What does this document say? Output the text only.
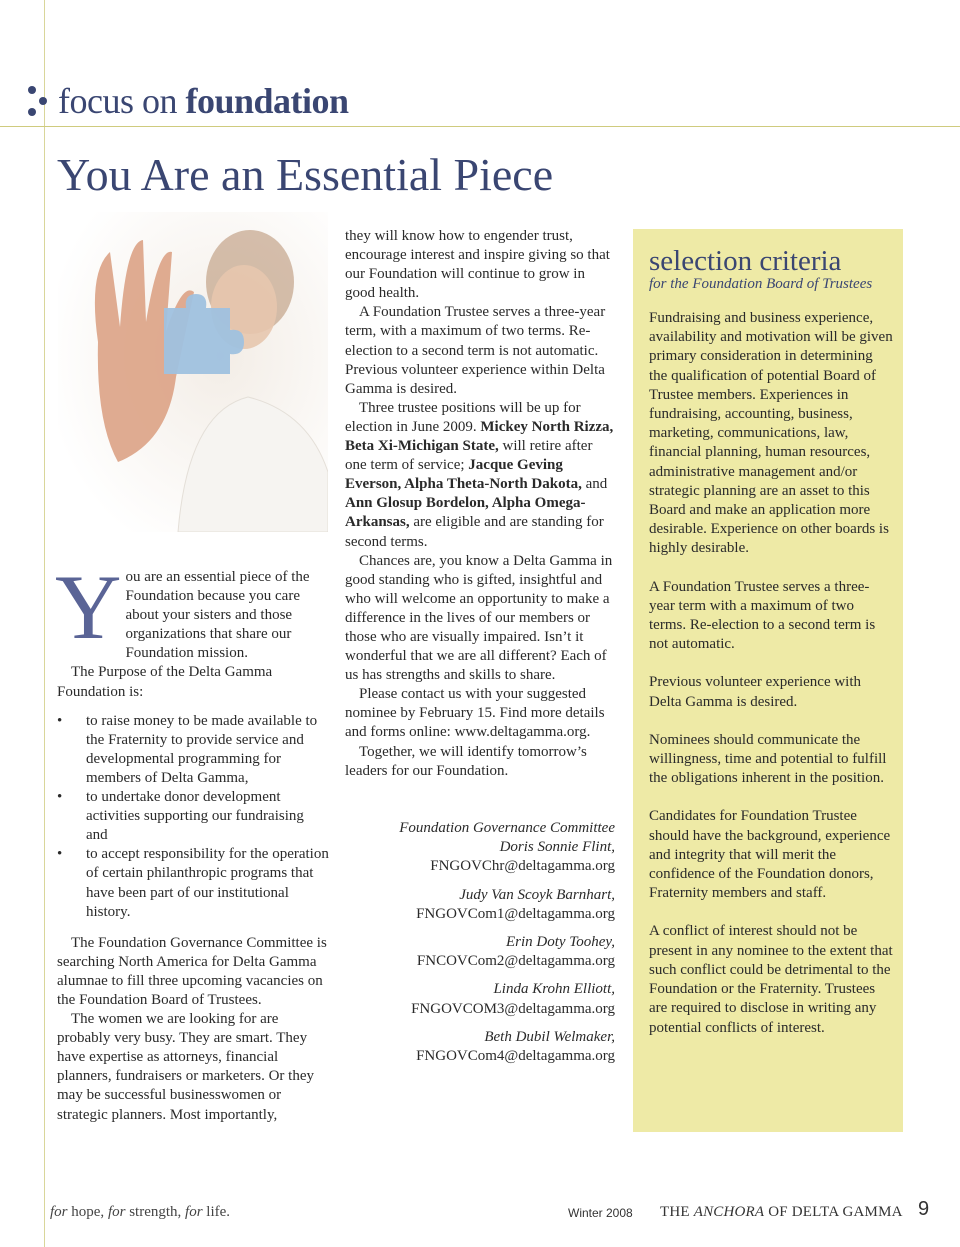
focus on foundation
You Are an Essential Piece
Y ou are an essential piece of the Foundation because you care about your sisters and those organizations that share our Foundation mission.

The Purpose of the Delta Gamma Foundation is:

• to raise money to be made available to the Fraternity to provide service and developmental programming for members of Delta Gamma,
• to undertake donor development activities supporting our fundraising and
• to accept responsibility for the operation of certain philanthropic programs that have been part of our institutional history.

The Foundation Governance Committee is searching North America for Delta Gamma alumnae to fill three upcoming vacancies on the Foundation Board of Trustees.

The women we are looking for are probably very busy. They are smart. They have expertise as attorneys, financial planners, fundraisers or marketers. Or they may be successful businesswomen or strategic planners. Most importantly,

they will know how to engender trust, encourage interest and inspire giving so that our Foundation will continue to grow in good health.

A Foundation Trustee serves a three-year term, with a maximum of two terms. Re-election to a second term is not automatic. Previous volunteer experience within Delta Gamma is desired.

Three trustee positions will be up for election in June 2009. Mickey North Rizza, Beta Xi-Michigan State, will retire after one term of service; Jacque Geving Everson, Alpha Theta-North Dakota, and Ann Glosup Bordelon, Alpha Omega-Arkansas, are eligible and are standing for second terms.

Chances are, you know a Delta Gamma in good standing who is gifted, insightful and who will welcome an opportunity to make a difference in the lives of our members or those who are visually impaired. Isn’t it wonderful that we are all different? Each of us has strengths and skills to share.

Please contact us with your suggested nominee by February 15. Find more details and forms online: www.deltagamma.org.

Together, we will identify tomorrow’s leaders for our Foundation.

Foundation Governance Committee
Doris Sonnie Flint,
FNGOVChr@deltagamma.org
Judy Van Scoyk Barnhart,
FNGOVCom1@deltagamma.org
Erin Doty Toohey,
FNCOVCom2@deltagamma.org
Linda Krohn Elliott,
FNGOVCOM3@deltagamma.org
Beth Dubil Welmaker,
FNGOVCom4@deltagamma.org
selection criteria
for the Foundation Board of Trustees

Fundraising and business experience, availability and motivation will be given primary consideration in determining the qualification of potential Board of Trustee members. Experiences in fundraising, accounting, business, marketing, communications, law, financial planning, human resources, administrative management and/or strategic planning are an asset to this Board and make an application more desirable. Experience on other boards is highly desirable.

A Foundation Trustee serves a three-year term with a maximum of two terms. Re-election to a second term is not automatic.

Previous volunteer experience with Delta Gamma is desired.

Nominees should communicate the willingness, time and potential to fulfill the obligations inherent in the position.

Candidates for Foundation Trustee should have the background, experience and integrity that will merit the confidence of the Foundation donors, Fraternity members and staff.

A conflict of interest should not be present in any nominee to the extent that such conflict could be detrimental to the Foundation or the Fraternity. Trustees are required to disclose in writing any potential conflicts of interest.

for hope, for strength, for life.	Winter 2008 THE ANCHORA OF DELTA GAMMA 9
